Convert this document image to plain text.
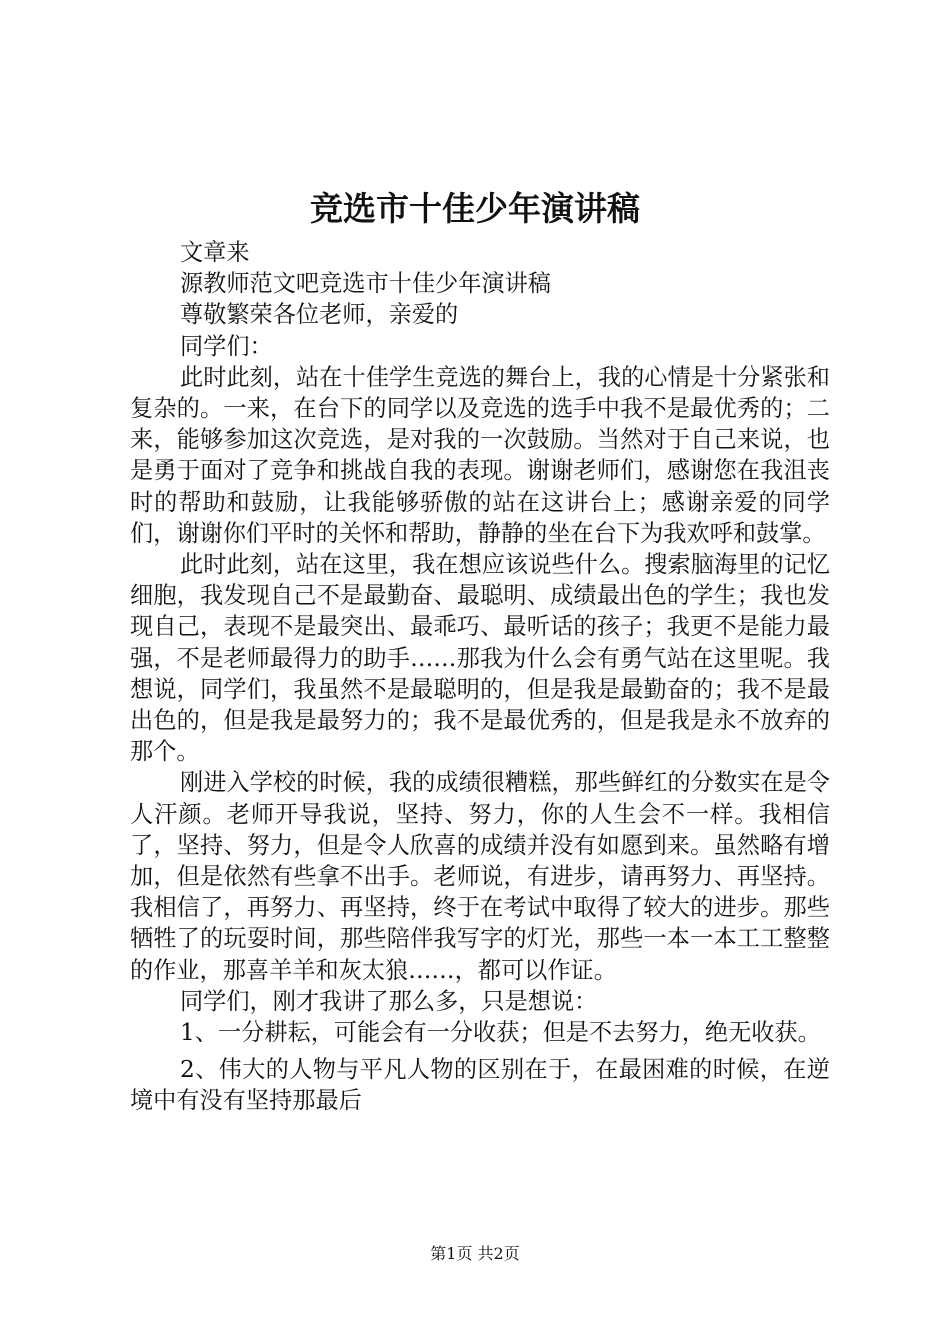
竞选市十佳少年演讲稿

文章来

源教师范文吧竞选市十佳少年演讲稿

尊敬繁荣各位老师，亲爱的

同学们：

此时此刻，站在十佳学生竞选的舞台上，我的心情是十分紧张和复杂的。一来，在台下的同学以及竞选的选手中我不是最优秀的；二来，能够参加这次竞选，是对我的一次鼓励。当然对于自己来说，也是勇于面对了竞争和挑战自我的表现。谢谢老师们，感谢您在我沮丧时的帮助和鼓励，让我能够骄傲的站在这讲台上；感谢亲爱的同学们，谢谢你们平时的关怀和帮助，静静的坐在台下为我欢呼和鼓掌。

此时此刻，站在这里，我在想应该说些什么。搜索脑海里的记忆细胞，我发现自己不是最勤奋、最聪明、成绩最出色的学生；我也发现自己，表现不是最突出、最乖巧、最听话的孩子；我更不是能力最强，不是老师最得力的助手……那我为什么会有勇气站在这里呢。我想说，同学们，我虽然不是最聪明的，但是我是最勤奋的；我不是最出色的，但是我是最努力的；我不是最优秀的，但是我是永不放弃的那个。

刚进入学校的时候，我的成绩很糟糕，那些鲜红的分数实在是令人汗颜。老师开导我说，坚持、努力，你的人生会不一样。我相信了，坚持、努力，但是令人欣喜的成绩并没有如愿到来。虽然略有增加，但是依然有些拿不出手。老师说，有进步，请再努力、再坚持。我相信了，再努力、再坚持，终于在考试中取得了较大的进步。那些牺牲了的玩耍时间，那些陪伴我写字的灯光，那些一本一本工工整整的作业，那喜羊羊和灰太狼……，都可以作证。

同学们，刚才我讲了那么多，只是想说：

1、一分耕耘，可能会有一分收获；但是不去努力，绝无收获。

2、伟大的人物与平凡人物的区别在于，在最困难的时候，在逆境中有没有坚持那最后

第1页 共2页
